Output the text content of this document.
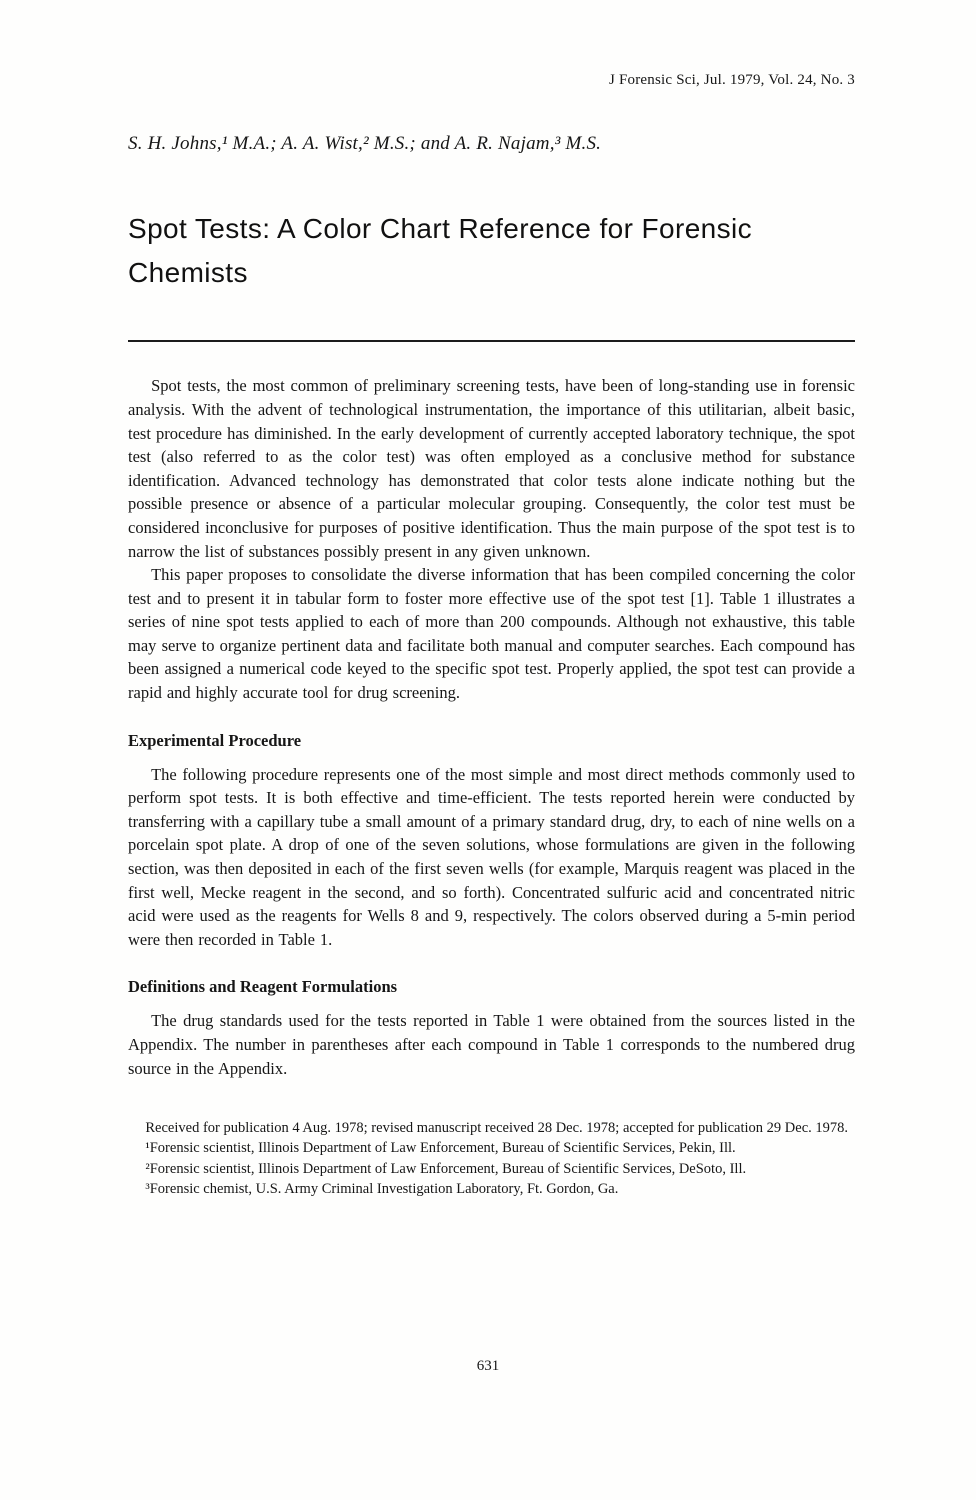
J Forensic Sci, Jul. 1979, Vol. 24, No. 3
S. H. Johns,¹ M.A.; A. A. Wist,² M.S.; and A. R. Najam,³ M.S.
Spot Tests: A Color Chart Reference for Forensic
Chemists

Spot tests, the most common of preliminary screening tests, have been of long-standing use in forensic analysis. With the advent of technological instrumentation, the importance of this utilitarian, albeit basic, test procedure has diminished. In the early development of currently accepted laboratory technique, the spot test (also referred to as the color test) was often employed as a conclusive method for substance identification. Advanced technology has demonstrated that color tests alone indicate nothing but the possible presence or absence of a particular molecular grouping. Consequently, the color test must be considered inconclusive for purposes of positive identification. Thus the main purpose of the spot test is to narrow the list of substances possibly present in any given unknown.

This paper proposes to consolidate the diverse information that has been compiled concerning the color test and to present it in tabular form to foster more effective use of the spot test [1]. Table 1 illustrates a series of nine spot tests applied to each of more than 200 compounds. Although not exhaustive, this table may serve to organize pertinent data and facilitate both manual and computer searches. Each compound has been assigned a numerical code keyed to the specific spot test. Properly applied, the spot test can provide a rapid and highly accurate tool for drug screening.

Experimental Procedure

The following procedure represents one of the most simple and most direct methods commonly used to perform spot tests. It is both effective and time-efficient. The tests reported herein were conducted by transferring with a capillary tube a small amount of a primary standard drug, dry, to each of nine wells on a porcelain spot plate. A drop of one of the seven solutions, whose formulations are given in the following section, was then deposited in each of the first seven wells (for example, Marquis reagent was placed in the first well, Mecke reagent in the second, and so forth). Concentrated sulfuric acid and concentrated nitric acid were used as the reagents for Wells 8 and 9, respectively. The colors observed during a 5-min period were then recorded in Table 1.

Definitions and Reagent Formulations

The drug standards used for the tests reported in Table 1 were obtained from the sources listed in the Appendix. The number in parentheses after each compound in Table 1 corresponds to the numbered drug source in the Appendix.

Received for publication 4 Aug. 1978; revised manuscript received 28 Dec. 1978; accepted for publication 29 Dec. 1978.

¹Forensic scientist, Illinois Department of Law Enforcement, Bureau of Scientific Services, Pekin, Ill.

²Forensic scientist, Illinois Department of Law Enforcement, Bureau of Scientific Services, DeSoto, Ill.

³Forensic chemist, U.S. Army Criminal Investigation Laboratory, Ft. Gordon, Ga.

631
